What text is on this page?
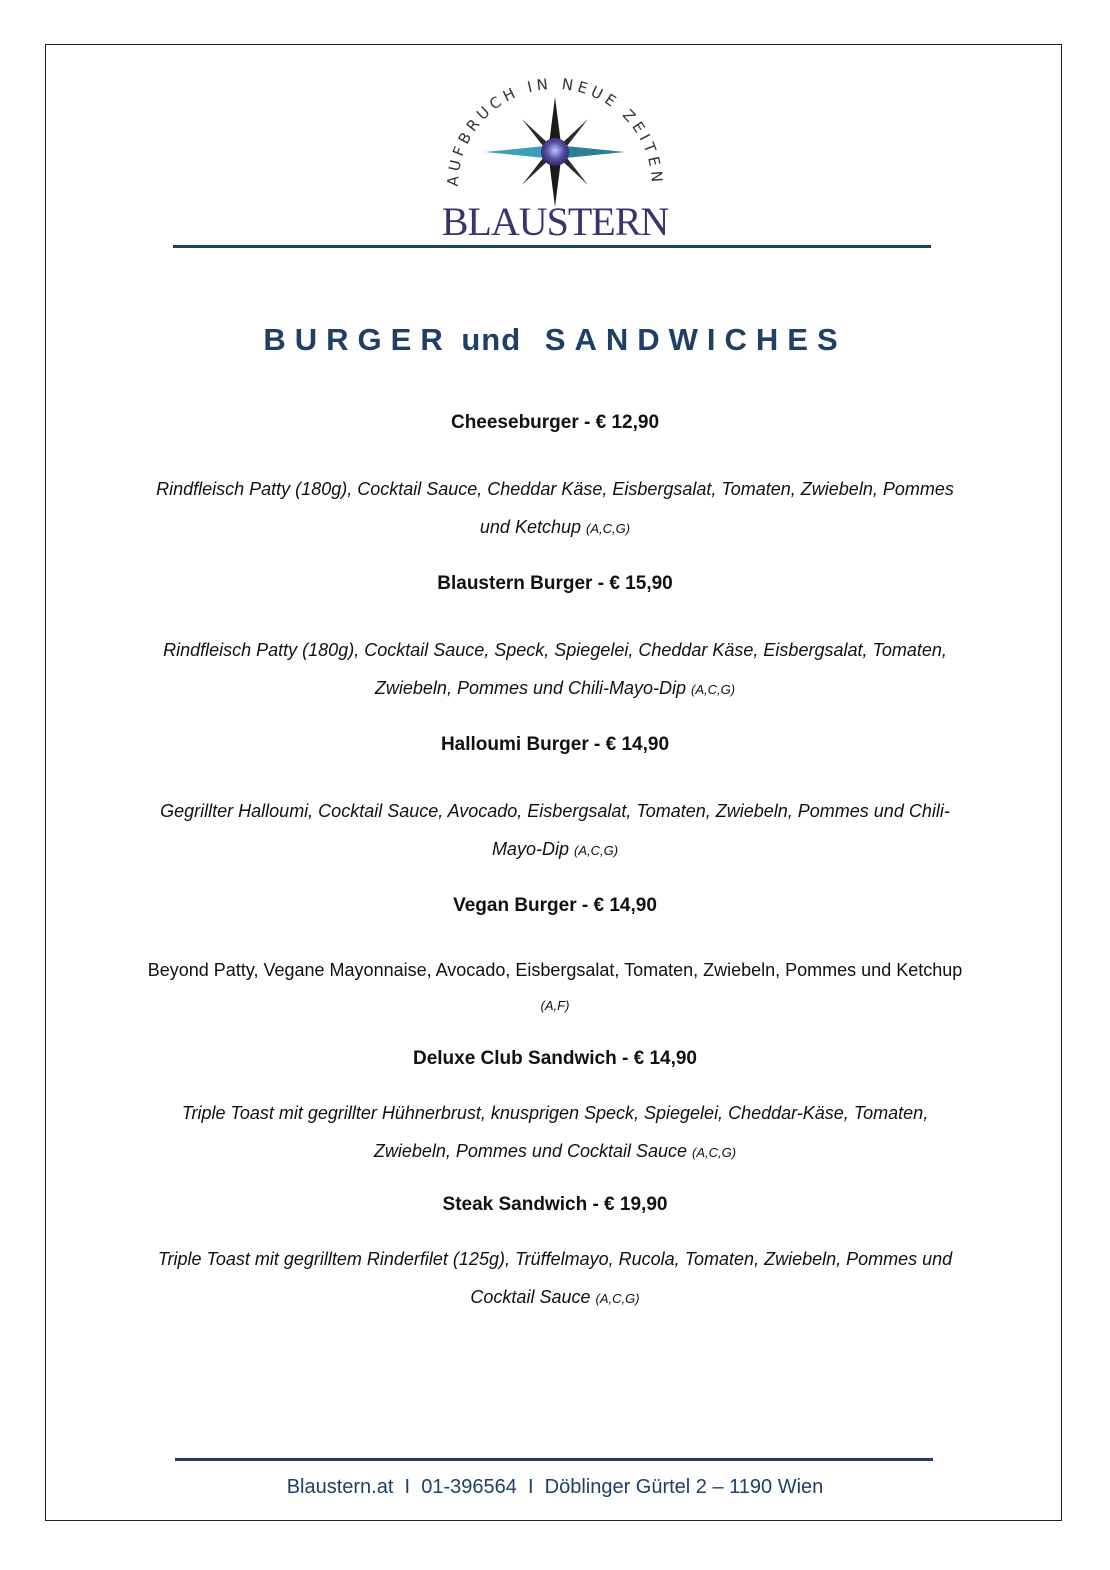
AUFBRUCH IN NEUE ZEITEN
BLAUSTERN
BURGER und SANDWICHES
Cheeseburger - € 12,90
Rindfleisch Patty (180g), Cocktail Sauce, Cheddar Käse, Eisbergsalat, Tomaten, Zwiebeln, Pommes und Ketchup (A,C,G)
Blaustern Burger - € 15,90
Rindfleisch Patty (180g), Cocktail Sauce, Speck, Spiegelei, Cheddar Käse, Eisbergsalat, Tomaten, Zwiebeln, Pommes und Chili-Mayo-Dip (A,C,G)
Halloumi Burger - € 14,90
Gegrillter Halloumi, Cocktail Sauce, Avocado, Eisbergsalat, Tomaten, Zwiebeln, Pommes und Chili-Mayo-Dip (A,C,G)
Vegan Burger - € 14,90
Beyond Patty, Vegane Mayonnaise, Avocado, Eisbergsalat, Tomaten, Zwiebeln, Pommes und Ketchup
(A,F)
Deluxe Club Sandwich - € 14,90
Triple Toast mit gegrillter Hühnerbrust, knusprigen Speck, Spiegelei, Cheddar-Käse, Tomaten, Zwiebeln, Pommes und Cocktail Sauce (A,C,G)
Steak Sandwich - € 19,90
Triple Toast mit gegrilltem Rinderfilet (125g), Trüffelmayo, Rucola, Tomaten, Zwiebeln, Pommes und Cocktail Sauce (A,C,G)
Blaustern.at  I  01-396564  I  Döblinger Gürtel 2 – 1190 Wien
